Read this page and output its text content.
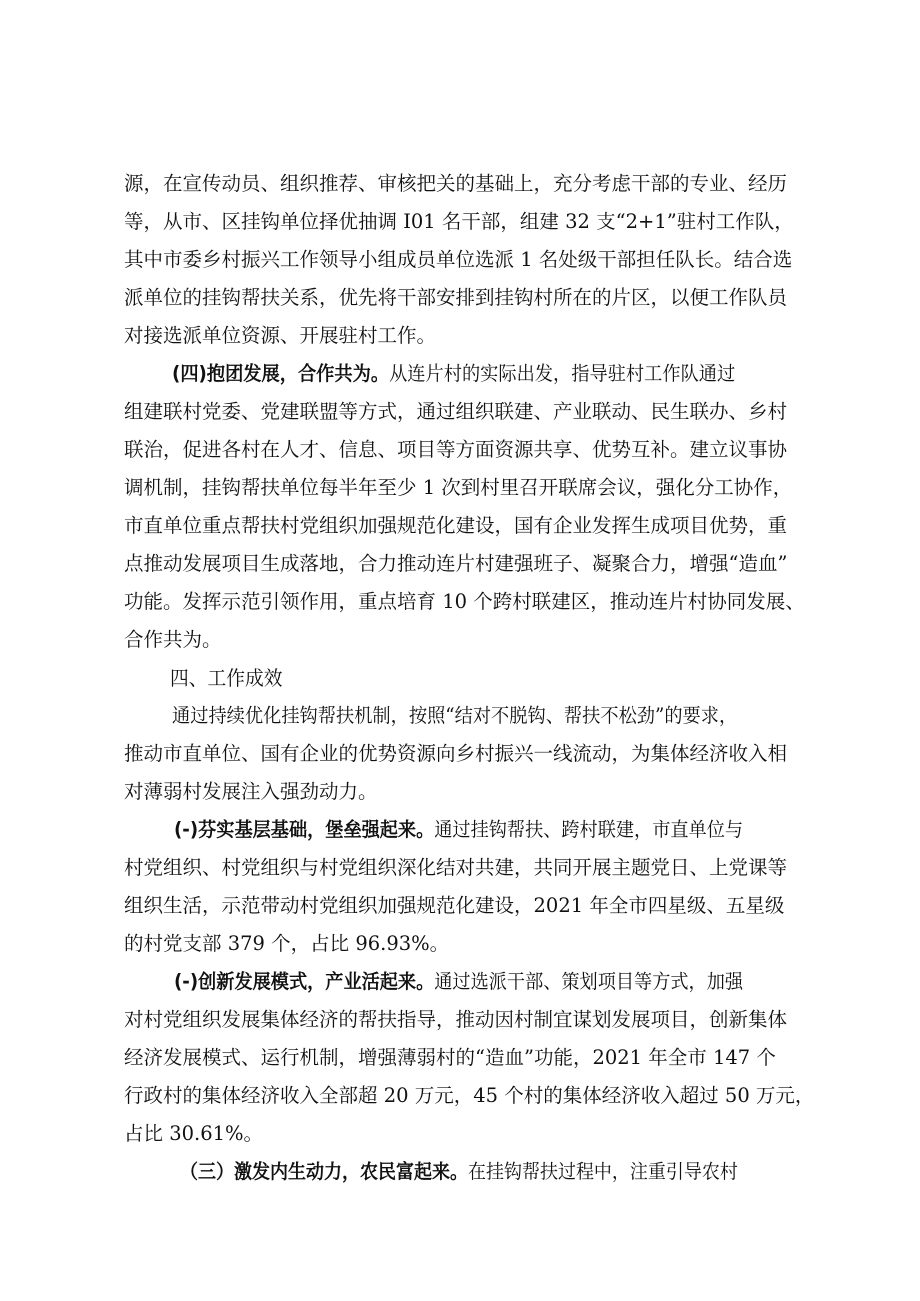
源，在宣传动员、组织推荐、审核把关的基础上，充分考虑干部的专业、经历
等，从市、区挂钩单位择优抽调 I01 名干部，组建 32 支“2+1”驻村工作队，
其中市委乡村振兴工作领导小组成员单位选派 1 名处级干部担任队长。结合选
派单位的挂钩帮扶关系，优先将干部安排到挂钩村所在的片区，以便工作队员
对接选派单位资源、开展驻村工作。
(四)抱团发展，合作共为。从连片村的实际出发，指导驻村工作队通过
组建联村党委、党建联盟等方式，通过组织联建、产业联动、民生联办、乡村
联治，促进各村在人才、信息、项目等方面资源共享、优势互补。建立议事协
调机制，挂钩帮扶单位每半年至少 1 次到村里召开联席会议，强化分工协作，
市直单位重点帮扶村党组织加强规范化建设，国有企业发挥生成项目优势，重
点推动发展项目生成落地，合力推动连片村建强班子、凝聚合力，增强“造血”
功能。发挥示范引领作用，重点培育 10 个跨村联建区，推动连片村协同发展、
合作共为。
四、工作成效
通过持续优化挂钩帮扶机制，按照“结对不脱钩、帮扶不松劲”的要求，
推动市直单位、国有企业的优势资源向乡村振兴一线流动，为集体经济收入相
对薄弱村发展注入强劲动力。
(-)芬实基层基础，堡垒强起来。通过挂钩帮扶、跨村联建，市直单位与
村党组织、村党组织与村党组织深化结对共建，共同开展主题党日、上党课等
组织生活，示范带动村党组织加强规范化建设，2021 年全市四星级、五星级
的村党支部 379 个，占比 96.93%。
(-)创新发展模式，产业活起来。通过选派干部、策划项目等方式，加强
对村党组织发展集体经济的帮扶指导，推动因村制宜谋划发展项目，创新集体
经济发展模式、运行机制，增强薄弱村的“造血”功能，2021 年全市 147 个
行政村的集体经济收入全部超 20 万元，45 个村的集体经济收入超过 50 万元，
占比 30.61%。
（三）激发内生动力，农民富起来。在挂钩帮扶过程中，注重引导农村
